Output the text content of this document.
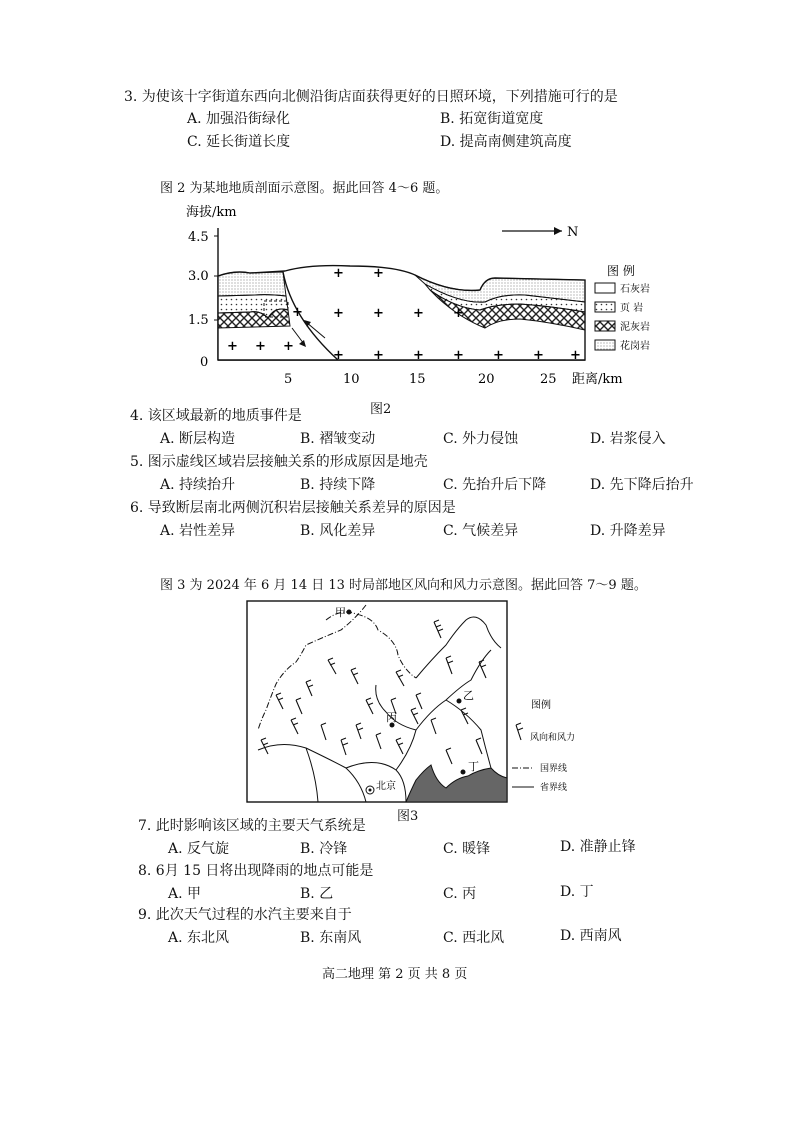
3. 为使该十字街道东西向北侧沿街店面获得更好的日照环境，下列措施可行的是
A. 加强沿街绿化	B. 拓宽街道宽度
C. 延长街道长度	D. 提高南侧建筑高度
图 2 为某地地质剖面示意图。据此回答 4～6 题。
海拔/km
4.5
3.0
1.5
0
5	10	15	20	25 距离/km
N
+ + +
+
+ +
+ + + +
+ + + + + + +
图 例
石灰岩
页 岩
泥灰岩
花岗岩
图2
4. 该区域最新的地质事件是
A. 断层构造	B. 褶皱变动	C. 外力侵蚀	D. 岩浆侵入
5. 图示虚线区域岩层接触关系的形成原因是地壳
A. 持续抬升	B. 持续下降	C. 先抬升后下降	D. 先下降后抬升
6. 导致断层南北两侧沉积岩层接触关系差异的原因是
A. 岩性差异	B. 风化差异	C. 气候差异	D. 升降差异
图 3 为 2024 年 6 月 14 日 13 时局部地区风向和风力示意图。据此回答 7～9 题。
甲
乙
丙
丁
北京
图例
风向和风力
国界线
省界线
图3
7. 此时影响该区域的主要天气系统是
A. 反气旋	B. 冷锋	C. 暖锋	D. 准静止锋
8. 6月 15 日将出现降雨的地点可能是
A. 甲	B. 乙	C. 丙	D. 丁
9. 此次天气过程的水汽主要来自于
A. 东北风	B. 东南风	C. 西北风	D. 西南风
高二地理 第 2 页 共 8 页
